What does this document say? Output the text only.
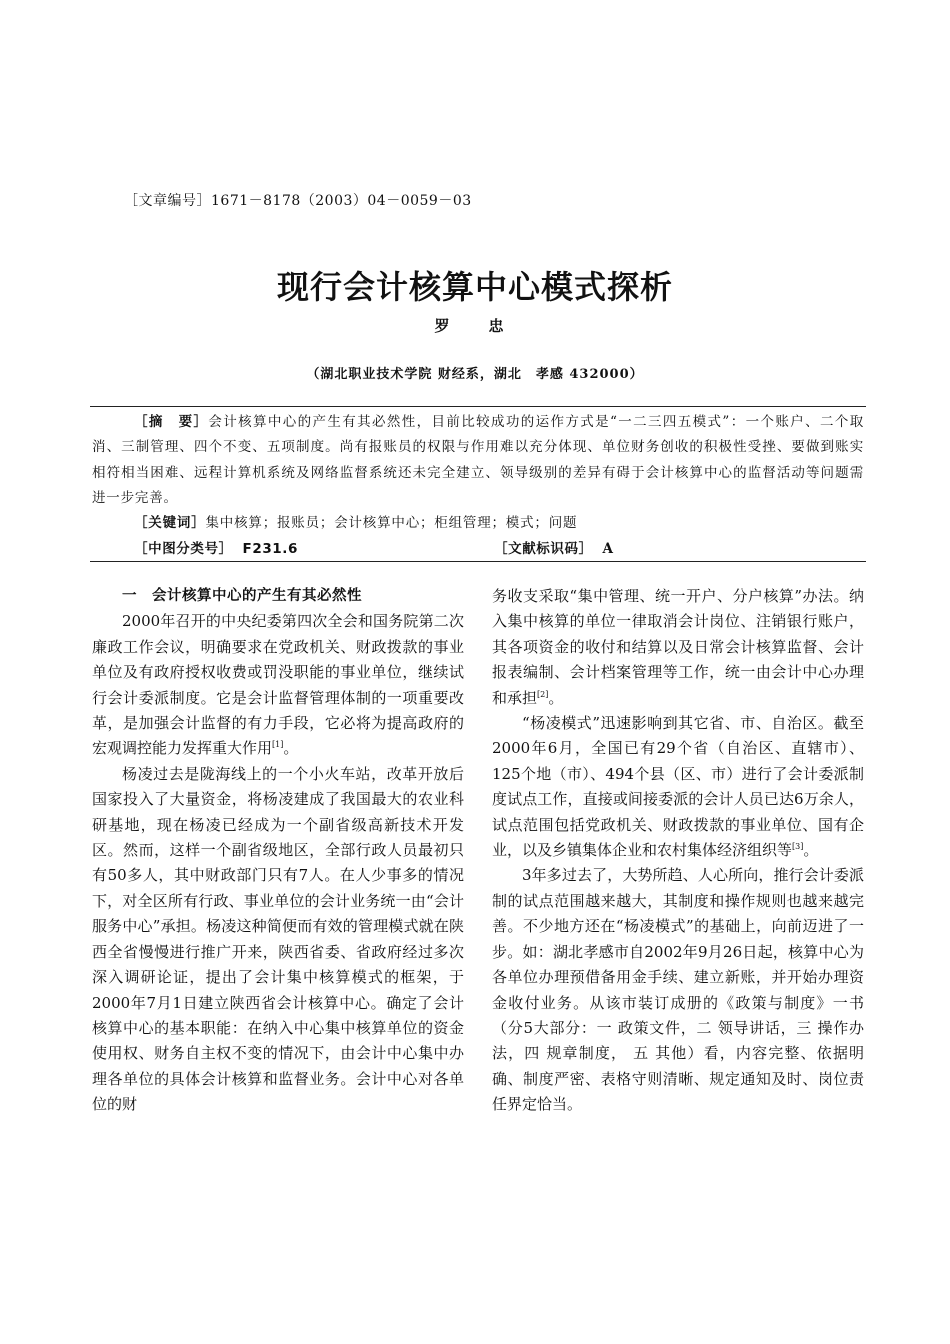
［文章编号］1671－8178（2003）04－0059－03
现行会计核算中心模式探析
罗　忠
（湖北职业技术学院 财经系，湖北　孝感 432000）
［摘　要］会计核算中心的产生有其必然性，目前比较成功的运作方式是“一二三四五模式”：一个账户、二个取消、三制管理、四个不变、五项制度。尚有报账员的权限与作用难以充分体现、单位财务创收的积极性受挫、要做到账实相符相当困难、远程计算机系统及网络监督系统还未完全建立、领导级别的差异有碍于会计核算中心的监督活动等问题需进一步完善。
［关键词］集中核算；报账员；会计核算中心；柜组管理；模式；问题
［中图分类号］ F231.6	［文献标识码］ A

一　会计核算中心的产生有其必然性

2000年召开的中央纪委第四次全会和国务院第二次廉政工作会议，明确要求在党政机关、财政拨款的事业单位及有政府授权收费或罚没职能的事业单位，继续试行会计委派制度。它是会计监督管理体制的一项重要改革，是加强会计监督的有力手段，它必将为提高政府的宏观调控能力发挥重大作用[1]。

杨凌过去是陇海线上的一个小火车站，改革开放后国家投入了大量资金，将杨凌建成了我国最大的农业科研基地，现在杨凌已经成为一个副省级高新技术开发区。然而，这样一个副省级地区，全部行政人员最初只有50多人，其中财政部门只有7人。在人少事多的情况下，对全区所有行政、事业单位的会计业务统一由“会计服务中心”承担。杨凌这种简便而有效的管理模式就在陕西全省慢慢进行推广开来，陕西省委、省政府经过多次深入调研论证，提出了会计集中核算模式的框架，于2000年7月1日建立陕西省会计核算中心。确定了会计核算中心的基本职能：在纳入中心集中核算单位的资金使用权、财务自主权不变的情况下，由会计中心集中办理各单位的具体会计核算和监督业务。会计中心对各单位的财

务收支采取“集中管理、统一开户、分户核算”办法。纳入集中核算的单位一律取消会计岗位、注销银行账户，其各项资金的收付和结算以及日常会计核算监督、会计报表编制、会计档案管理等工作，统一由会计中心办理和承担[2]。

“杨凌模式”迅速影响到其它省、市、自治区。截至2000年6月，全国已有29个省（自治区、直辖市）、125个地（市）、494个县（区、市）进行了会计委派制度试点工作，直接或间接委派的会计人员已达6万余人，试点范围包括党政机关、财政拨款的事业单位、国有企业，以及乡镇集体企业和农村集体经济组织等[3]。

3年多过去了，大势所趋、人心所向，推行会计委派制的试点范围越来越大，其制度和操作规则也越来越完善。不少地方还在“杨凌模式”的基础上，向前迈进了一步。如：湖北孝感市自2002年9月26日起，核算中心为各单位办理预借备用金手续、建立新账，并开始办理资金收付业务。从该市装订成册的《政策与制度》一书（分5大部分：一 政策文件，二 领导讲话，三 操作办法，四 规章制度， 五 其他）看，内容完整、依据明确、制度严密、表格守则清晰、规定通知及时、岗位责任界定恰当。
